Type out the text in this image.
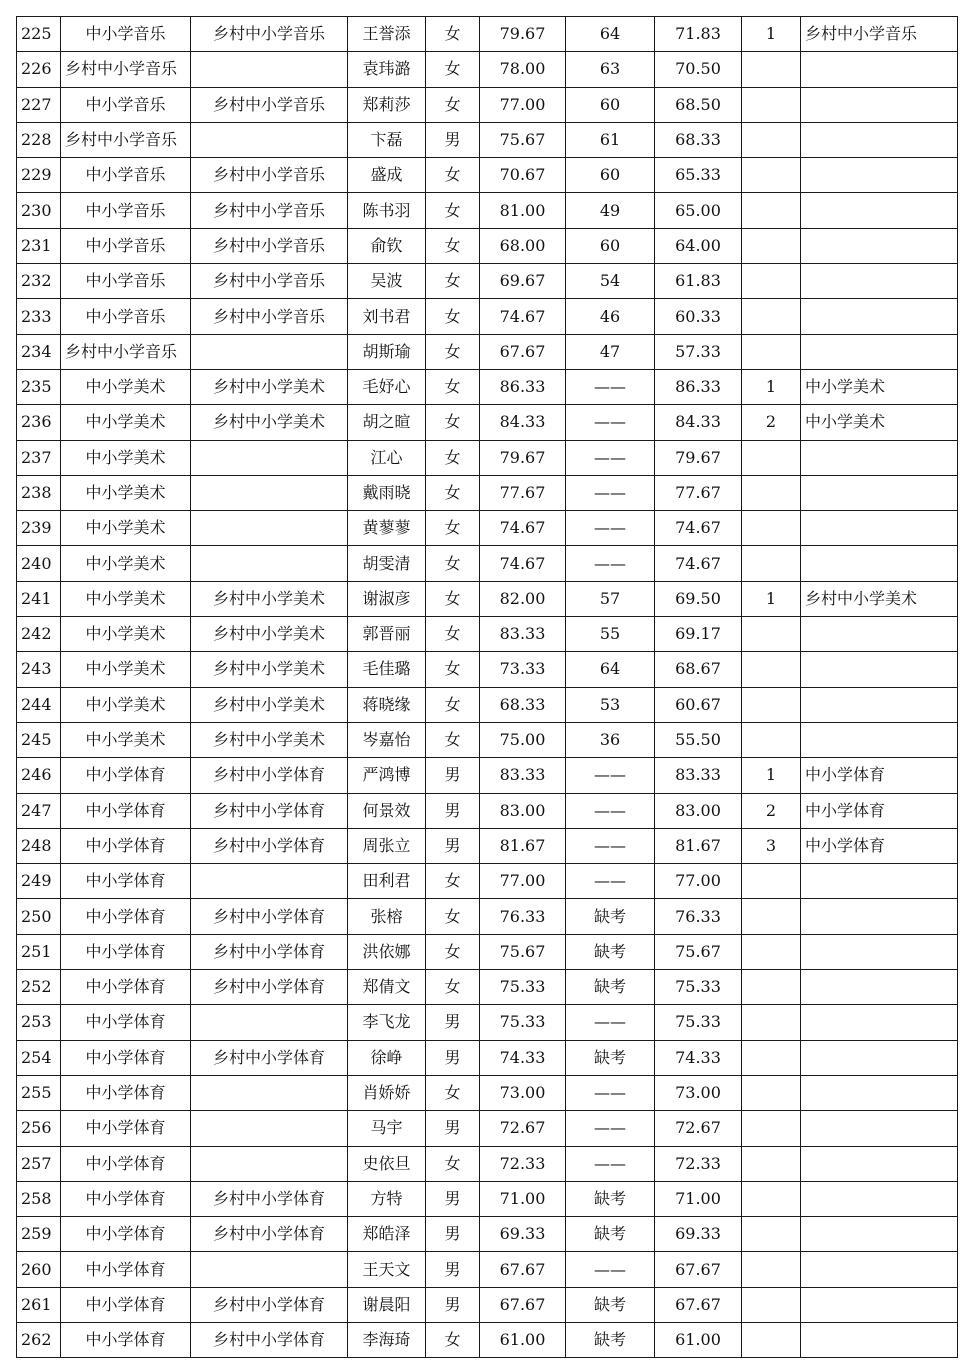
225	中小学音乐	乡村中小学音乐	王誉添	女	79.67	64	71.83	1	乡村中小学音乐
226	乡村中小学音乐		袁玮潞	女	78.00	63	70.50		
227	中小学音乐	乡村中小学音乐	郑莉莎	女	77.00	60	68.50		
228	乡村中小学音乐		卞磊	男	75.67	61	68.33		
229	中小学音乐	乡村中小学音乐	盛成	女	70.67	60	65.33		
230	中小学音乐	乡村中小学音乐	陈书羽	女	81.00	49	65.00		
231	中小学音乐	乡村中小学音乐	俞钦	女	68.00	60	64.00		
232	中小学音乐	乡村中小学音乐	吴波	女	69.67	54	61.83		
233	中小学音乐	乡村中小学音乐	刘书君	女	74.67	46	60.33		
234	乡村中小学音乐		胡斯瑜	女	67.67	47	57.33		
235	中小学美术	乡村中小学美术	毛妤心	女	86.33	——	86.33	1	中小学美术
236	中小学美术	乡村中小学美术	胡之暄	女	84.33	——	84.33	2	中小学美术
237	中小学美术		江心	女	79.67	——	79.67		
238	中小学美术		戴雨晓	女	77.67	——	77.67		
239	中小学美术		黄蓼蓼	女	74.67	——	74.67		
240	中小学美术		胡雯清	女	74.67	——	74.67		
241	中小学美术	乡村中小学美术	谢淑彦	女	82.00	57	69.50	1	乡村中小学美术
242	中小学美术	乡村中小学美术	郭晋丽	女	83.33	55	69.17		
243	中小学美术	乡村中小学美术	毛佳璐	女	73.33	64	68.67		
244	中小学美术	乡村中小学美术	蒋晓缘	女	68.33	53	60.67		
245	中小学美术	乡村中小学美术	岑嘉怡	女	75.00	36	55.50		
246	中小学体育	乡村中小学体育	严鸿博	男	83.33	——	83.33	1	中小学体育
247	中小学体育	乡村中小学体育	何景效	男	83.00	——	83.00	2	中小学体育
248	中小学体育	乡村中小学体育	周张立	男	81.67	——	81.67	3	中小学体育
249	中小学体育		田利君	女	77.00	——	77.00		
250	中小学体育	乡村中小学体育	张榕	女	76.33	缺考	76.33		
251	中小学体育	乡村中小学体育	洪依娜	女	75.67	缺考	75.67		
252	中小学体育	乡村中小学体育	郑倩文	女	75.33	缺考	75.33		
253	中小学体育		李飞龙	男	75.33	——	75.33		
254	中小学体育	乡村中小学体育	徐峥	男	74.33	缺考	74.33		
255	中小学体育		肖娇娇	女	73.00	——	73.00		
256	中小学体育		马宇	男	72.67	——	72.67		
257	中小学体育		史依旦	女	72.33	——	72.33		
258	中小学体育	乡村中小学体育	方特	男	71.00	缺考	71.00		
259	中小学体育	乡村中小学体育	郑皓泽	男	69.33	缺考	69.33		
260	中小学体育		王天文	男	67.67	——	67.67		
261	中小学体育	乡村中小学体育	谢晨阳	男	67.67	缺考	67.67		
262	中小学体育	乡村中小学体育	李海琦	女	61.00	缺考	61.00		
